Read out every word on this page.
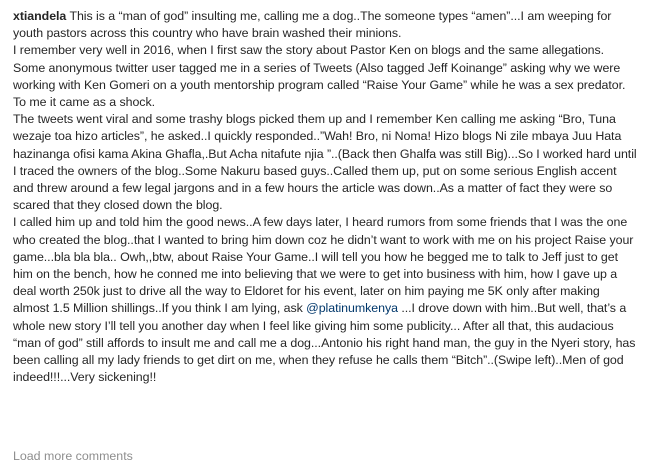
xtiandela This is a “man of god” insulting me, calling me a dog..The someone types “amen”...I am weeping for youth pastors across this country who have brain washed their minions.

I remember very well in 2016, when I first saw the story about Pastor Ken on blogs and the same allegations. Some anonymous twitter user tagged me in a series of Tweets (Also tagged Jeff Koinange” asking why we were working with Ken Gomeri on a youth mentorship program called “Raise Your Game” while he was a sex predator. To me it came as a shock.

The tweets went viral and some trashy blogs picked them up and I remember Ken calling me asking “Bro, Tuna wezaje toa hizo articles”, he asked..I quickly responded..”Wah! Bro, ni Noma! Hizo blogs Ni zile mbaya Juu Hata hazinanga ofisi kama Akina Ghafla,.But Acha nitafute njia ”..(Back then Ghalfa was still Big)...So I worked hard until I traced the owners of the blog..Some Nakuru based guys..Called them up, put on some serious English accent and threw around a few legal jargons and in a few hours the article was down..As a matter of fact they were so scared that they closed down the blog.

I called him up and told him the good news..A few days later, I heard rumors from some friends that I was the one who created the blog..that I wanted to bring him down coz he didn’t want to work with me on his project Raise your game...bla bla bla.. Owh,,btw, about Raise Your Game..I will tell you how he begged me to talk to Jeff just to get him on the bench, how he conned me into believing that we were to get into business with him, how I gave up a deal worth 250k just to drive all the way to Eldoret for his event, later on him paying me 5K only after making almost 1.5 Million shillings..If you think I am lying, ask @platinumkenya ...I drove down with him..But well, that’s a whole new story I’ll tell you another day when I feel like giving him some publicity... After all that, this audacious “man of god” still affords to insult me and call me a dog...Antonio his right hand man, the guy in the Nyeri story, has been calling all my lady friends to get dirt on me, when they refuse he calls them “Bitch”..(Swipe left)..Men of god indeed!!!...Very sickening!!

Load more comments
